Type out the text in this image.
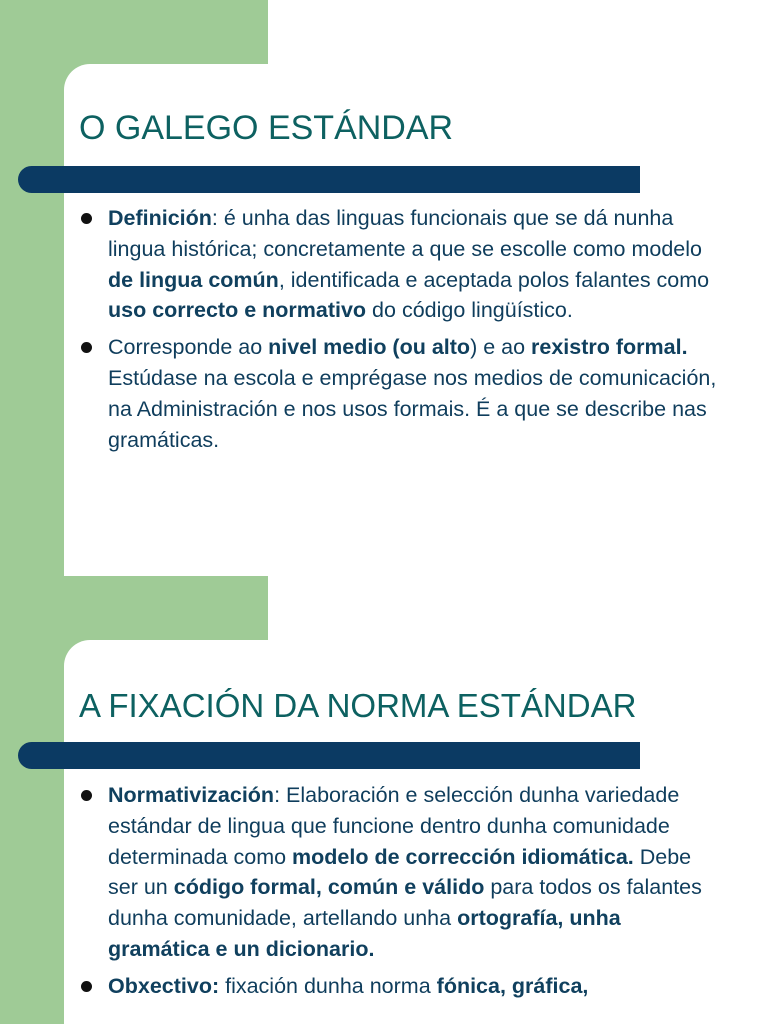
O GALEGO ESTÁNDAR
Definición: é unha das linguas funcionais que se dá nunha lingua histórica; concretamente a que se escolle como modelo de lingua común, identificada e aceptada polos falantes como uso correcto e normativo do código lingüístico.
Corresponde ao nivel medio (ou alto) e ao rexistro formal. Estúdase na escola e emprégase nos medios de comunicación, na Administración e nos usos formais. É a que se describe nas gramáticas.
A FIXACIÓN DA NORMA ESTÁNDAR
Normativización: Elaboración e selección dunha variedade estándar de lingua que funcione dentro dunha comunidade determinada como modelo de corrección idiomática. Debe ser un código formal, común e válido para todos os falantes dunha comunidade, artellando unha ortografía, unha gramática e un dicionario.
Obxectivo: fixación dunha norma fónica, gráfica,
